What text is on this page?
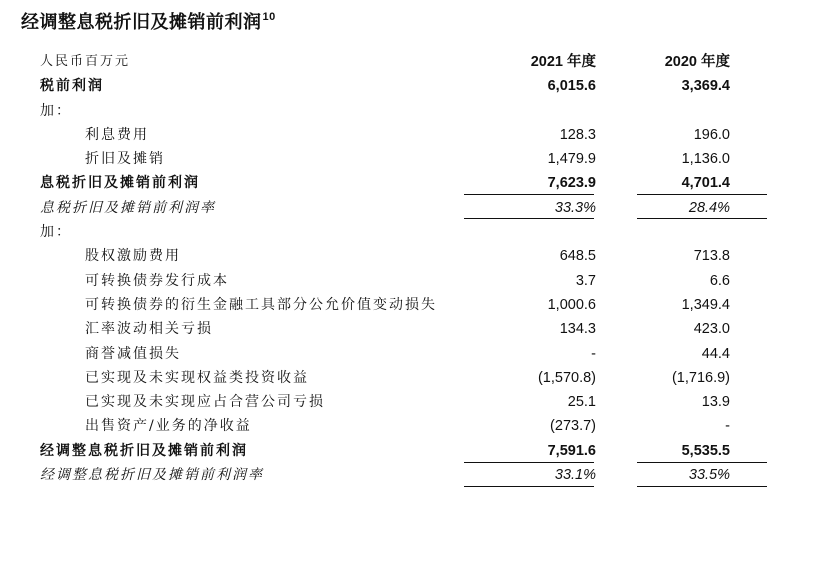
经调整息税折旧及摊销前利润$^{10}$
人民币百万元	2021 年度	2020 年度
税前利润	6,015.6	3,369.4
加：
利息费用	128.3	196.0
折旧及摊销	1,479.9	1,136.0
息税折旧及摊销前利润	7,623.9	4,701.4
息税折旧及摊销前利润率	33.3%	28.4%
加：
股权激励费用	648.5	713.8
可转换债券发行成本	3.7	6.6
可转换债券的衍生金融工具部分公允价值变动损失	1,000.6	1,349.4
汇率波动相关亏损	134.3	423.0
商誉减值损失	-	44.4
已实现及未实现权益类投资收益	(1,570.8)	(1,716.9)
已实现及未实现应占合营公司亏损	25.1	13.9
出售资产/业务的净收益	(273.7)	-
经调整息税折旧及摊销前利润	7,591.6	5,535.5
经调整息税折旧及摊销前利润率	33.1%	33.5%
